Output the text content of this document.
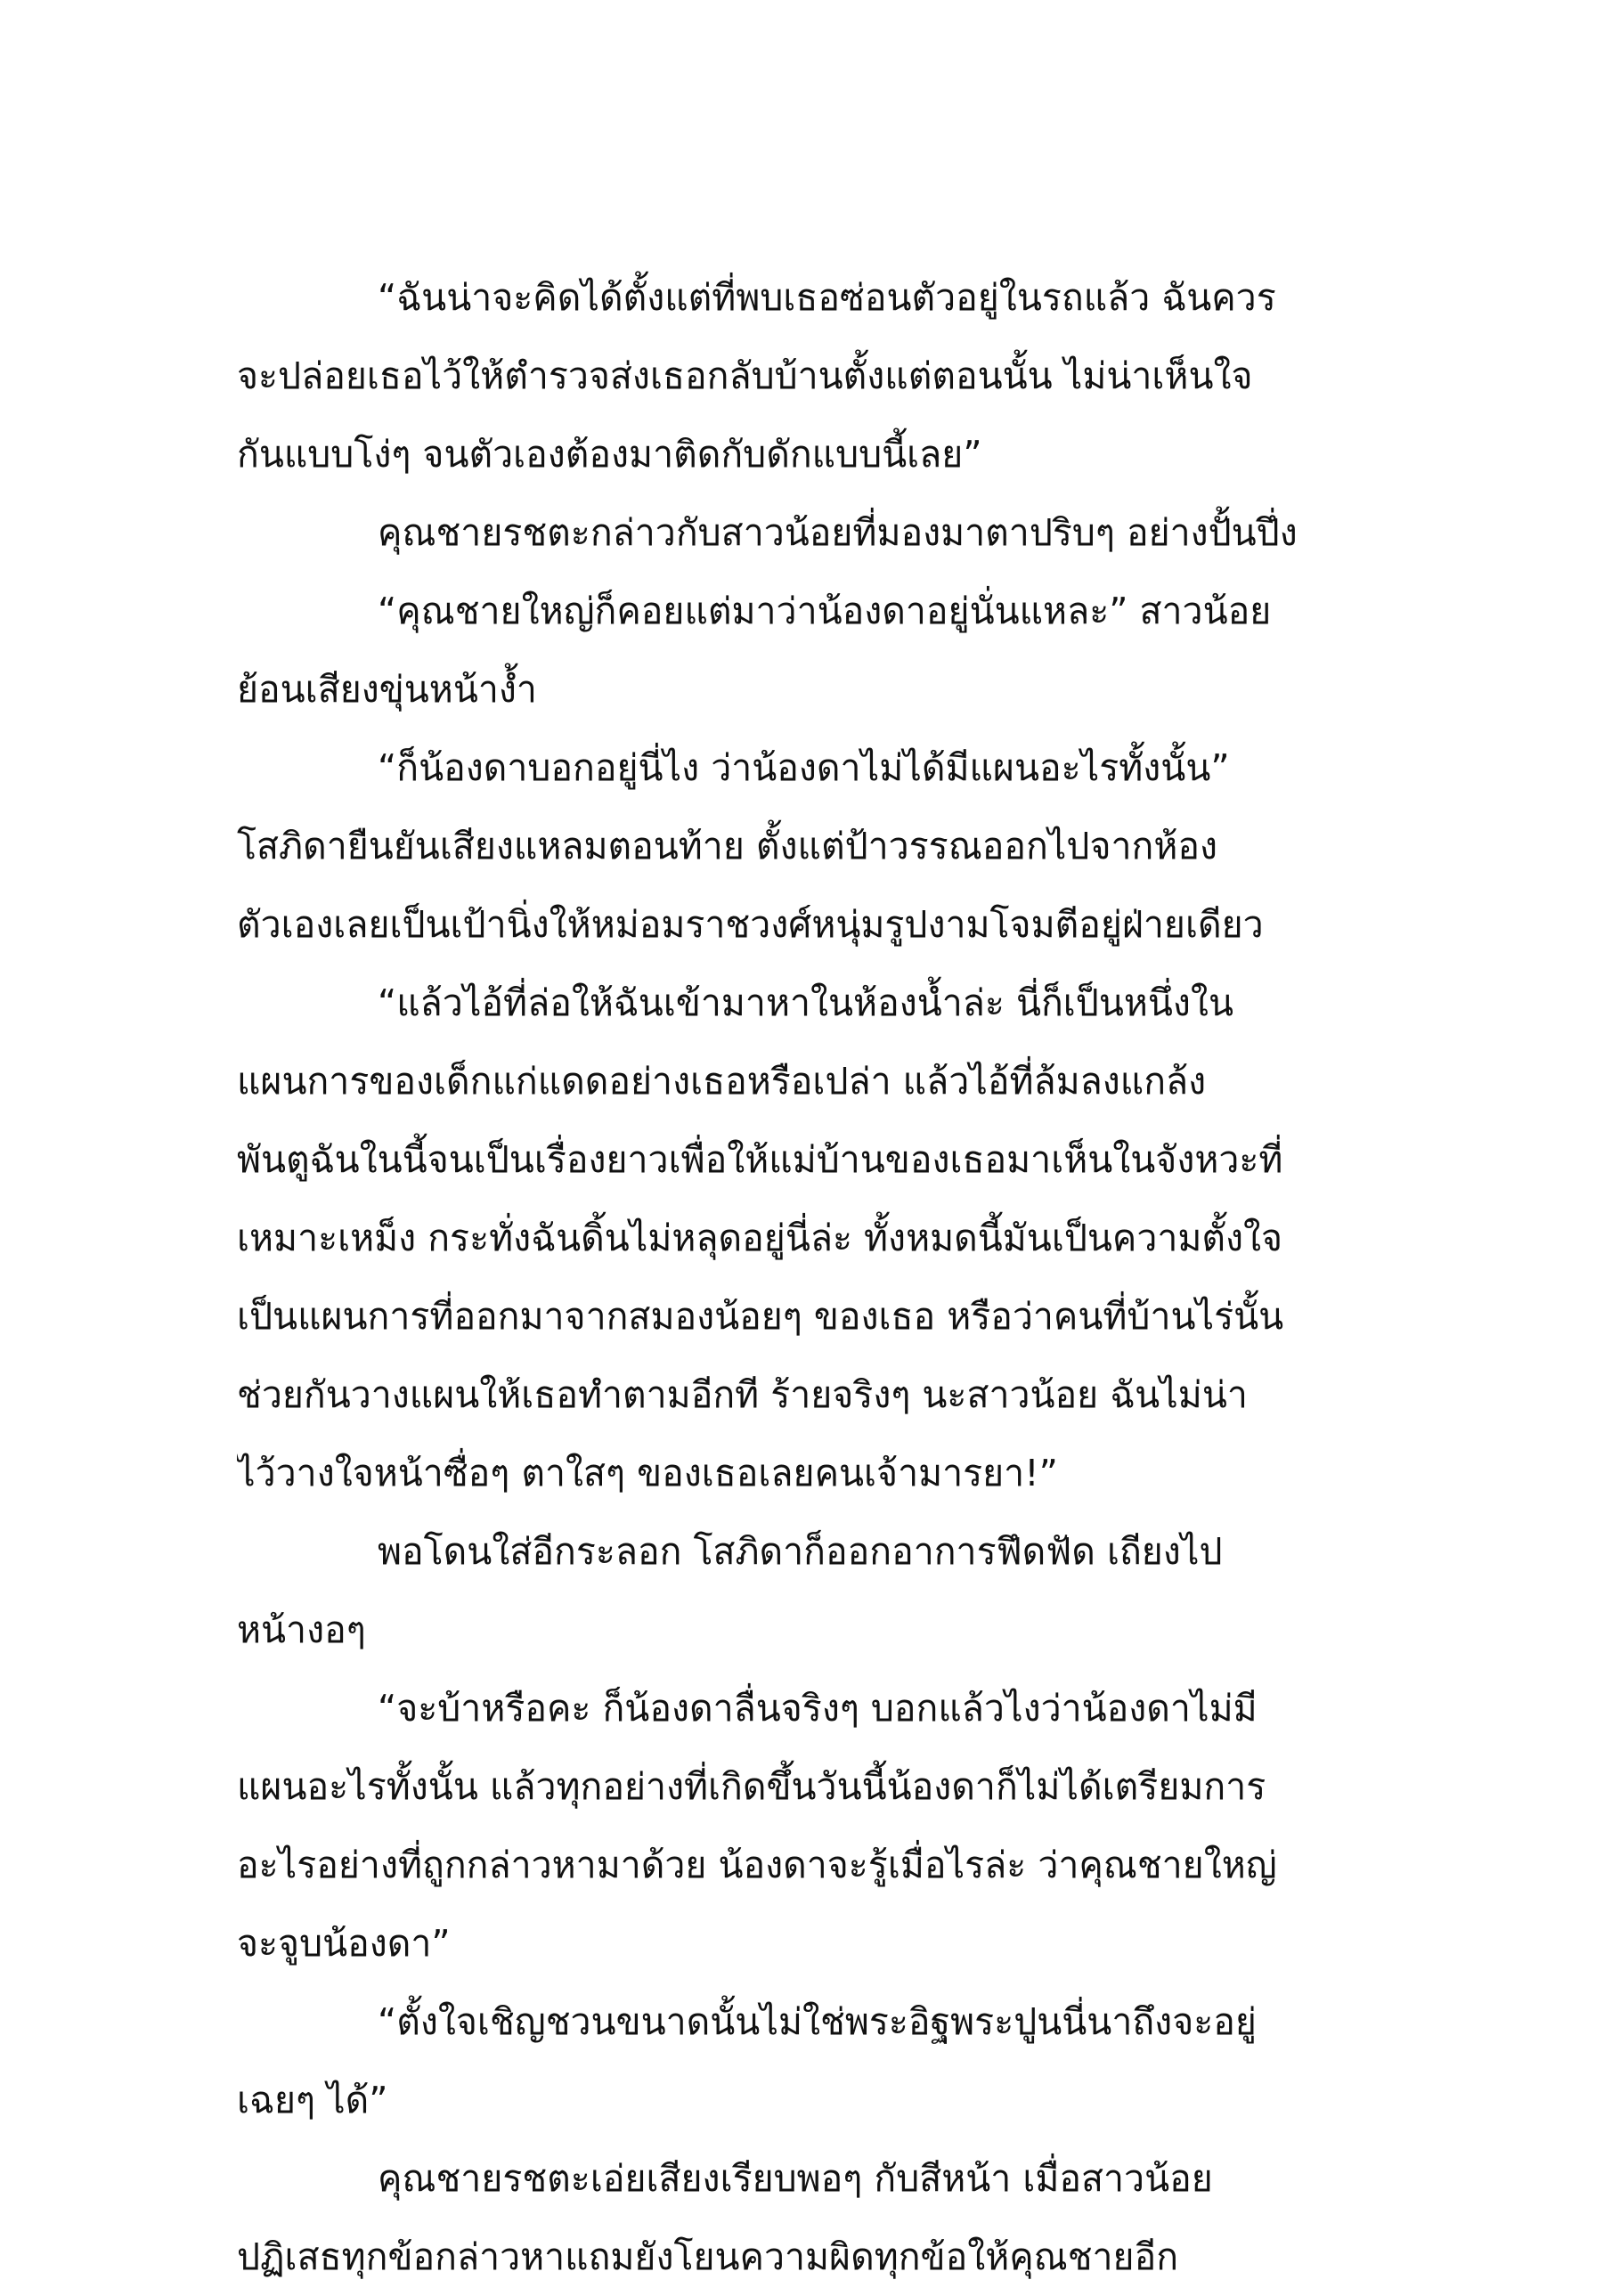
“ฉันน่าจะคิดได้ตั้งแต่ที่พบเธอซ่อนตัวอยู่ในรถแล้ว ฉันควร
จะปล่อยเธอไว้ให้ตำรวจส่งเธอกลับบ้านตั้งแต่ตอนนั้น ไม่น่าเห็นใจ
กันแบบโง่ๆ จนตัวเองต้องมาติดกับดักแบบนี้เลย”
คุณชายรชตะกล่าวกับสาวน้อยที่มองมาตาปริบๆ อย่างปั้นปึ่ง
“คุณชายใหญ่ก็คอยแต่มาว่าน้องดาอยู่นั่นแหละ” สาวน้อย
ย้อนเสียงขุ่นหน้างํ้า
“ก็น้องดาบอกอยู่นี่ไง ว่าน้องดาไม่ได้มีแผนอะไรทั้งนั้น”
โสภิดายืนยันเสียงแหลมตอนท้าย ตั้งแต่ป้าวรรณออกไปจากห้อง
ตัวเองเลยเป็นเป้านิ่งให้หม่อมราชวงศ์หนุ่มรูปงามโจมตีอยู่ฝ่ายเดียว
“แล้วไอ้ที่ล่อให้ฉันเข้ามาหาในห้องนํ้าล่ะ นี่ก็เป็นหนึ่งใน
แผนการของเด็กแก่แดดอย่างเธอหรือเปล่า แล้วไอ้ที่ล้มลงแกล้ง
พันตูฉันในนี้จนเป็นเรื่องยาวเพื่อให้แม่บ้านของเธอมาเห็นในจังหวะที่
เหมาะเหม็ง กระทั่งฉันดิ้นไม่หลุดอยู่นี่ล่ะ ทั้งหมดนี้มันเป็นความตั้งใจ
เป็นแผนการที่ออกมาจากสมองน้อยๆ ของเธอ หรือว่าคนที่บ้านไร่นั้น
ช่วยกันวางแผนให้เธอทำตามอีกที ร้ายจริงๆ นะสาวน้อย ฉันไม่น่า
ไว้วางใจหน้าซื่อๆ ตาใสๆ ของเธอเลยคนเจ้ามารยา!”
พอโดนใส่อีกระลอก โสภิดาก็ออกอาการฟึดฟัด เถียงไป
หน้างอๆ
“จะบ้าหรือคะ ก็น้องดาลื่นจริงๆ บอกแล้วไงว่าน้องดาไม่มี
แผนอะไรทั้งนั้น แล้วทุกอย่างที่เกิดขึ้นวันนี้น้องดาก็ไม่ได้เตรียมการ
อะไรอย่างที่ถูกกล่าวหามาด้วย น้องดาจะรู้เมื่อไรล่ะ ว่าคุณชายใหญ่
จะจูบน้องดา”
“ตั้งใจเชิญชวนขนาดนั้นไม่ใช่พระอิฐพระปูนนี่นาถึงจะอยู่
เฉยๆ ได้”
คุณชายรชตะเอ่ยเสียงเรียบพอๆ กับสีหน้า เมื่อสาวน้อย
ปฏิเสธทุกข้อกล่าวหาแถมยังโยนความผิดทุกข้อให้คุณชายอีก
